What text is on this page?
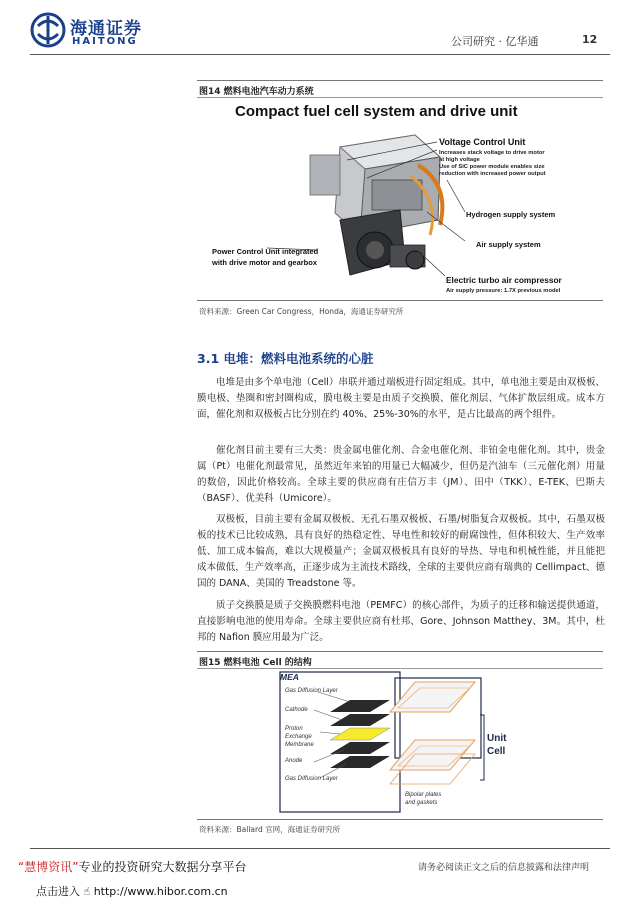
海通证券
HAITONG	公司研究 · 亿华通	12
图14 燃料电池汽车动力系统
Compact fuel cell system and drive unit
Voltage Control Unit
Increases stack voltage to drive motor
at high voltage
Use of SiC power module enables size
reduction with increased power output
Hydrogen supply system
Air supply system
Power Control Unit integrated
with drive motor and gearbox
Electric turbo air compressor
Air supply pressure: 1.7X previous model
资料来源：Green Car Congress，Honda，海通证券研究所
3.1 电堆：燃料电池系统的心脏

电堆是由多个单电池（Cell）串联并通过端板进行固定组成。其中，单电池主要是由双极板、膜电极、垫圈和密封圈构成，膜电极主要是由质子交换膜、催化剂层、气体扩散层组成。成本方面，催化剂和双极板占比分别在约 40%、25%-30%的水平，是占比最高的两个组件。

催化剂目前主要有三大类：贵金属电催化剂、合金电催化剂、非铂金电催化剂。其中，贵金属（Pt）电催化剂最常见，虽然近年来铂的用量已大幅减少，但仍是汽油车（三元催化剂）用量的数倍，因此价格较高。全球主要的供应商有庄信万丰（JM）、田中（TKK）、E-TEK、巴斯夫（BASF）、优美科（Umicore）。

双极板，目前主要有金属双极板、无孔石墨双极板、石墨/树脂复合双极板。其中，石墨双极板的技术已比较成熟，具有良好的热稳定性、导电性和较好的耐腐蚀性，但体积较大、生产效率低、加工成本偏高，难以大规模量产；金属双极板具有良好的导热、导电和机械性能，并且能把成本做低，生产效率高，正逐步成为主流技术路线，全球的主要供应商有瑞典的 Cellimpact、德国的 DANA、美国的 Treadstone 等。

质子交换膜是质子交换膜燃料电池（PEMFC）的核心部件，为质子的迁移和输送提供通道，直接影响电池的使用寿命。全球主要供应商有杜邦、Gore、Johnson Matthey、3M。其中，杜邦的 Nafion 膜应用最为广泛。

图15 燃料电池 Cell 的结构
MEA
Gas Diffusion Layer
Cathode
Proton
Exchange
Membrane
Anode
Gas Diffusion Layer
Unit
Cell
Bipolar plates
and gaskets
资料来源：Ballard 官网，海通证券研究所
“慧博资讯”专业的投资研究大数据分享平台
点击进入 ☝ http://www.hibor.com.cn
请务必阅读正文之后的信息披露和法律声明
